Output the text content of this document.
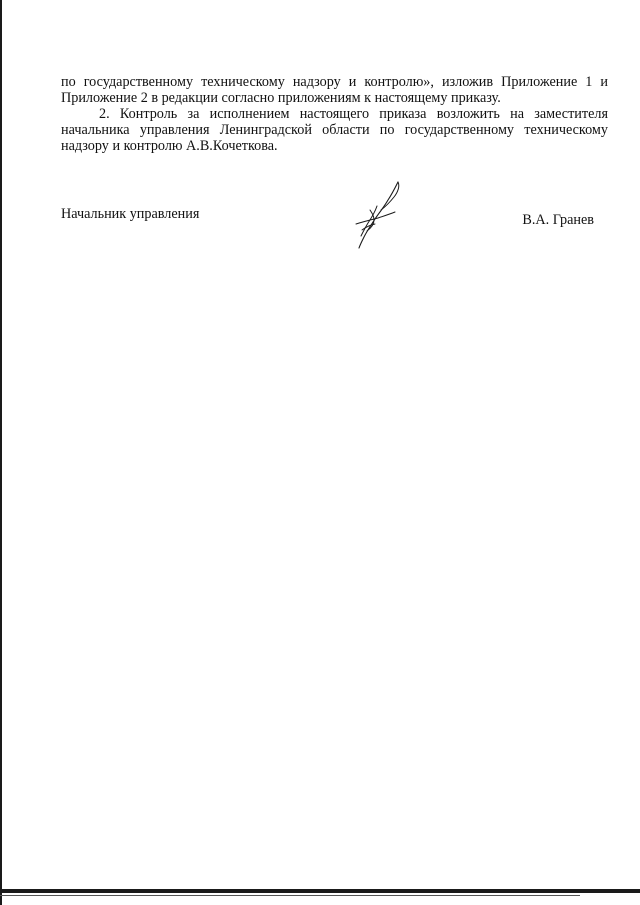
по государственному техническому надзору и контролю», изложив Приложение 1 и Приложение 2 в редакции согласно приложениям к настоящему приказу.

2. Контроль за исполнением настоящего приказа возложить на заместителя начальника управления Ленинградской области по государственному техническому надзору и контролю А.В.Кочеткова.

Начальник управления	В.А. Гранев
